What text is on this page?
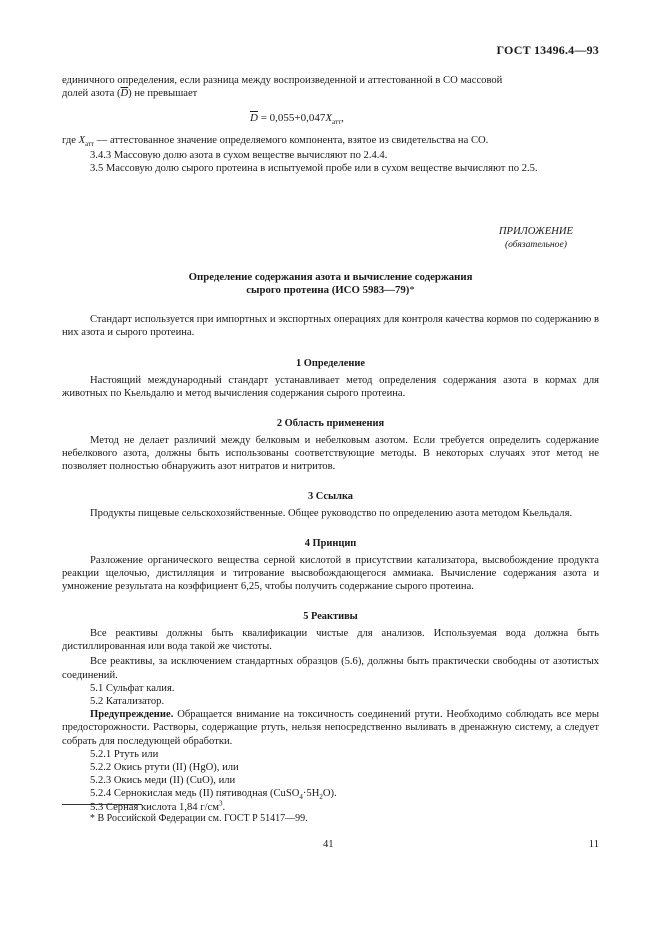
ГОСТ 13496.4—93

единичного определения, если разница между воспроизведенной и аттестованной в СО массовой

долей азота $(\overline{D})$ не превышает

$\overline{D} = 0,055+0,047X_{атт}$,

где $X_{атт}$ — аттестованное значение определяемого компонента, взятое из свидетельства на СО.

3.4.3 Массовую долю азота в сухом веществе вычисляют по 2.4.4.

3.5 Массовую долю сырого протеина в испытуемой пробе или в сухом веществе вычисляют по 2.5.

ПРИЛОЖЕНИЕ
(обязательное)
Определение содержания азота и вычисление содержания
сырого протеина (ИСО 5983—79)*

Стандарт используется при импортных и экспортных операциях для контроля качества кормов по содержанию в них азота и сырого протеина.

1 Определение

Настоящий международный стандарт устанавливает метод определения содержания азота в кормах для животных по Кьельдалю и метод вычисления содержания сырого протеина.

2 Область применения

Метод не делает различий между белковым и небелковым азотом. Если требуется определить содержание небелкового азота, должны быть использованы соответствующие методы. В некоторых случаях этот метод не позволяет полностью обнаружить азот нитратов и нитритов.

3 Ссылка

Продукты пищевые сельскохозяйственные. Общее руководство по определению азота методом Кьельдаля.

4 Принцип

Разложение органического вещества серной кислотой в присутствии катализатора, высвобождение продукта реакции щелочью, дистилляция и титрование высвобождающегося аммиака. Вычисление содержания азота и умножение результата на коэффициент 6,25, чтобы получить содержание сырого протеина.

5 Реактивы

Все реактивы должны быть квалификации чистые для анализов. Используемая вода должна быть дистиллированная или вода такой же чистоты.

Все реактивы, за исключением стандартных образцов (5.6), должны быть практически свободны от азотистых соединений.

5.1 Сульфат калия.

5.2 Катализатор.

Предупреждение. Обращается внимание на токсичность соединений ртути. Необходимо соблюдать все меры предосторожности. Растворы, содержащие ртуть, нельзя непосредственно выливать в дренажную систему, а следует собрать для последующей обработки.

5.2.1 Ртуть или

5.2.2 Окись ртути (II) (HgO), или

5.2.3 Окись меди (II) (CuO), или

5.2.4 Сернокислая медь (II) пятиводная $(CuSO_4\cdot 5H_2O)$.

5.3 Серная кислота 1,84 $г/см^3$.

* В Российской Федерации см. ГОСТ Р 51417—99.

41	11
